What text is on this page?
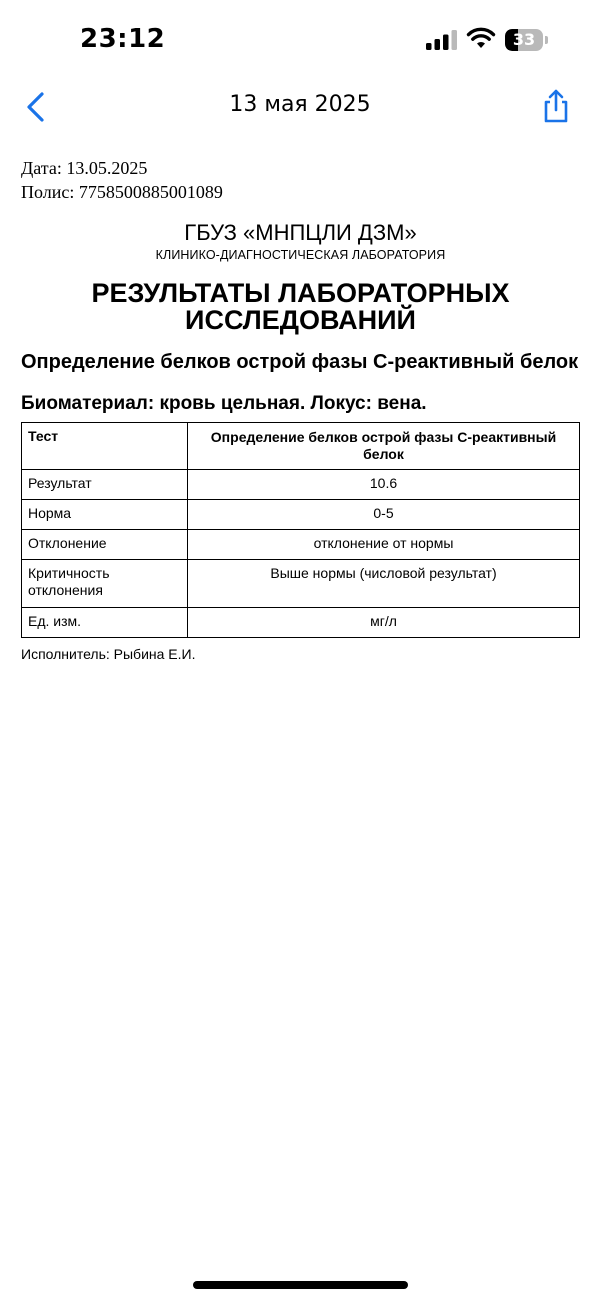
23:12	33
13 мая 2025
Дата: 13.05.2025
Полис: 7758500885001089
ГБУЗ «МНПЦЛИ ДЗМ»
КЛИНИКО-ДИАГНОСТИЧЕСКАЯ ЛАБОРАТОРИЯ
РЕЗУЛЬТАТЫ ЛАБОРАТОРНЫХ ИССЛЕДОВАНИЙ
Определение белков острой фазы С-реактивный белок
Биоматериал: кровь цельная. Локус: вена.
Тест	Определение белков острой фазы С-реактивный белок
Результат	10.6
Норма	0-5
Отклонение	отклонение от нормы
Критичность отклонения	Выше нормы (числовой результат)
Ед. изм.	мг/л
Исполнитель: Рыбина Е.И.
